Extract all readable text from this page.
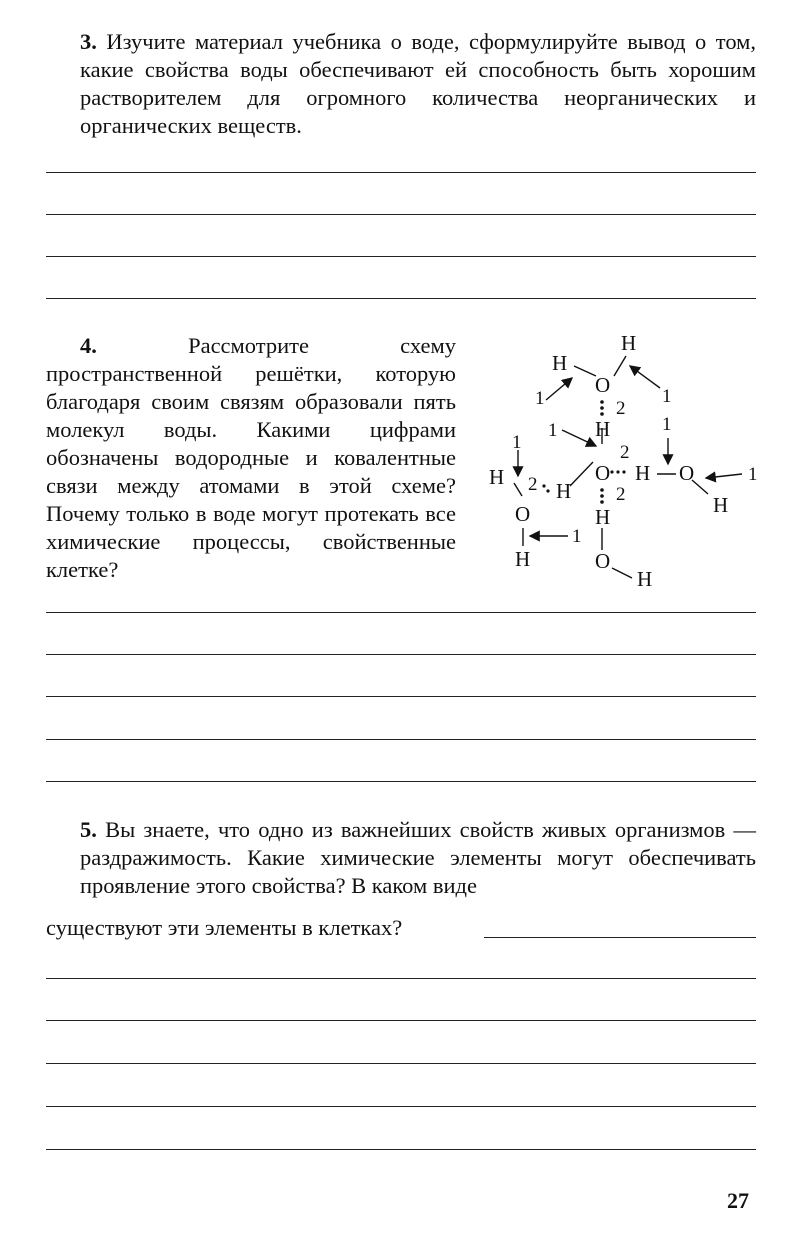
3. Изучите материал учебника о воде, сформулируйте вывод о том, какие свойства воды обеспечивают ей способность быть хорошим растворителем для огромного количества неорганических и органических веществ.
4.	Рассмотрите схему пространственной решётки, которую благодаря своим связям образовали пять молекул воды. Какими цифрами обозначены водородные и ковалентные связи между атомами в этой схеме? Почему только в воде могут протекать все химические процессы, свойственные клетке?
H
H
O
H
O H O
H
H
H
H
O
H	O
H
1	1
2
1	1
2
1
2	2
1
1
5. Вы знаете, что одно из важнейших свойств живых организмов — раздражимость. Какие химические элементы могут обеспечивать проявление этого свойства? В каком виде
существуют эти элементы в клетках?
27
